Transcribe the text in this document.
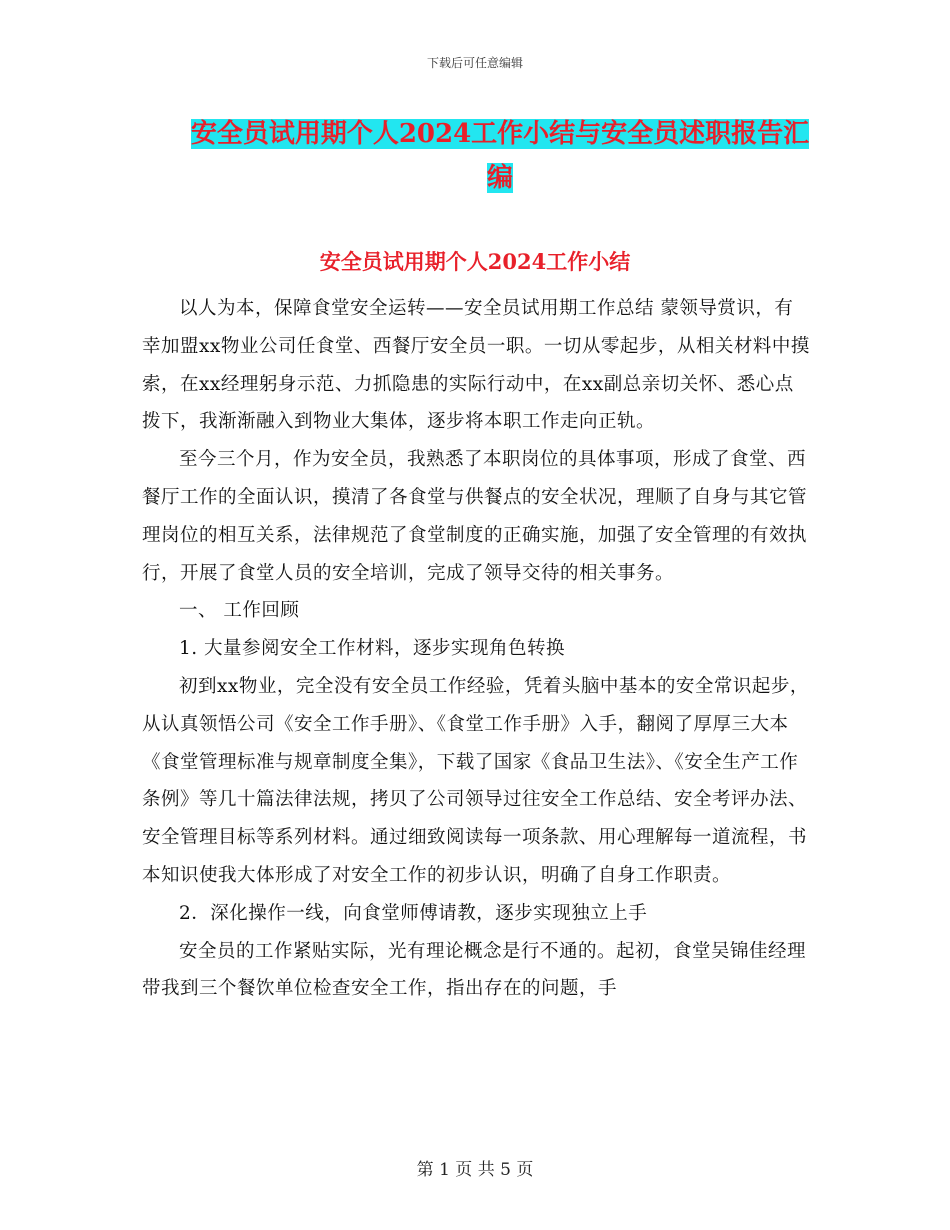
下载后可任意编辑
安全员试用期个人2024工作小结与安全员述职报告汇
编
安全员试用期个人2024工作小结

以人为本，保障食堂安全运转——安全员试用期工作总结 蒙领导赏识，有幸加盟xx物业公司任食堂、西餐厅安全员一职。一切从零起步，从相关材料中摸索，在xx经理躬身示范、力抓隐患的实际行动中，在xx副总亲切关怀、悉心点拨下，我渐渐融入到物业大集体，逐步将本职工作走向正轨。

至今三个月，作为安全员，我熟悉了本职岗位的具体事项，形成了食堂、西餐厅工作的全面认识，摸清了各食堂与供餐点的安全状况，理顺了自身与其它管理岗位的相互关系，法律规范了食堂制度的正确实施，加强了安全管理的有效执行，开展了食堂人员的安全培训，完成了领导交待的相关事务。

一、 工作回顾

1. 大量参阅安全工作材料，逐步实现角色转换

初到xx物业，完全没有安全员工作经验，凭着头脑中基本的安全常识起步，从认真领悟公司《安全工作手册》、《食堂工作手册》入手，翻阅了厚厚三大本《食堂管理标准与规章制度全集》，下载了国家《食品卫生法》、《安全生产工作条例》等几十篇法律法规，拷贝了公司领导过往安全工作总结、安全考评办法、安全管理目标等系列材料。通过细致阅读每一项条款、用心理解每一道流程，书本知识使我大体形成了对安全工作的初步认识，明确了自身工作职责。

2．深化操作一线，向食堂师傅请教，逐步实现独立上手

安全员的工作紧贴实际，光有理论概念是行不通的。起初，食堂吴锦佳经理带我到三个餐饮单位检查安全工作，指出存在的问题，手

第 1 页 共 5 页
